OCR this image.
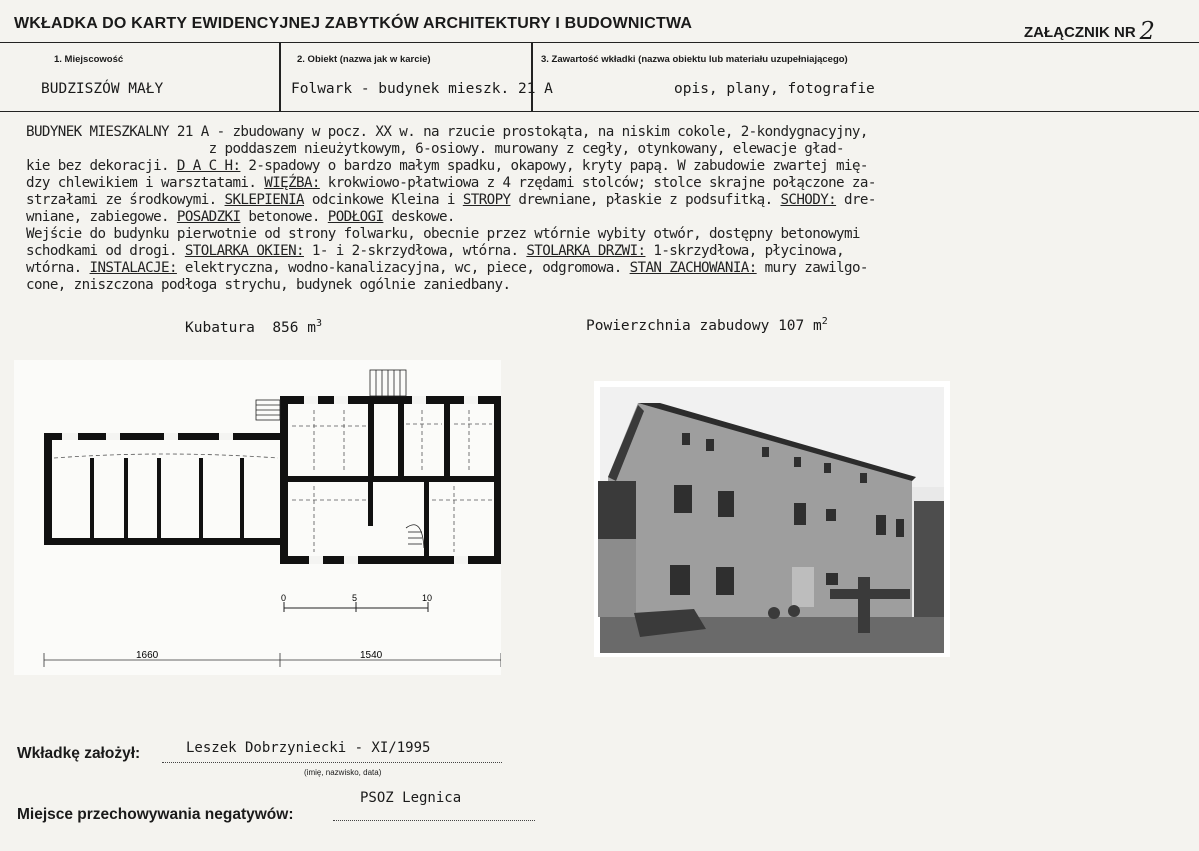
WKŁADKA DO KARTY EWIDENCYJNEJ ZABYTKÓW ARCHITEKTURY I BUDOWNICTWA
ZAŁĄCZNIK NR 2
1. Miejscowość
BUDZISZÓW MAŁY
2. Obiekt (nazwa jak w karcie)
Folwark - budynek mieszk. 21 A
3. Zawartość wkładki (nazwa obiektu lub materiału uzupełniającego)
opis, plany, fotografie

BUDYNEK MIESZKALNY 21 A - zbudowany w pocz. XX w. na rzucie prostokąta, na niskim cokole, 2-kondygnacyjny,

z poddaszem nieużytkowym, 6-osiowy. murowany z cegły, otynkowany, elewacje gład-

kie bez dekoracji. D A C H: 2-spadowy o bardzo małym spadku, okapowy, kryty papą. W zabudowie zwartej mię-

dzy chlewikiem i warsztatami. WIĘŹBA: krokwiowo-płatwiowa z 4 rzędami stolców; stolce skrajne połączone za-

strzałami ze środkowymi. SKLEPIENIA odcinkowe Kleina i STROPY drewniane, płaskie z podsufitką. SCHODY: dre-

wniane, zabiegowe. POSADZKI betonowe. PODŁOGI deskowe.

Wejście do budynku pierwotnie od strony folwarku, obecnie przez wtórnie wybity otwór, dostępny betonowymi

schodkami od drogi. STOLARKA OKIEN: 1- i 2-skrzydłowa, wtórna. STOLARKA DRZWI: 1-skrzydłowa, płycinowa,

wtórna. INSTALACJE: elektryczna, wodno-kanalizacyjna, wc, piece, odgromowa. STAN ZACHOWANIA: mury zawilgo-

cone, zniszczona podłoga strychu, budynek ogólnie zaniedbany.

Kubatura 856 $m^3$	Powierzchnia zabudowy 107 $m^2$
0	5	10
1660	1540
Wkładkę założył:	Leszek Dobrzyniecki - XI/1995
(imię, nazwisko, data)
Miejsce przechowywania negatywów:
PSOZ Legnica
